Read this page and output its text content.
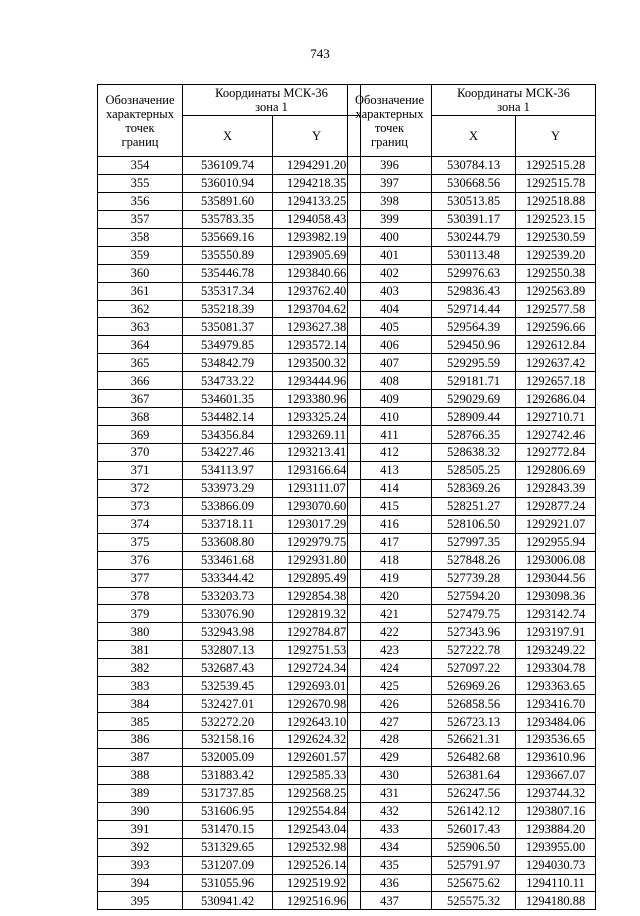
743
Обозначение
характерных
точек
границ	Координаты МСК-36
зона 1	

	X	Y
354	536109.74	1294291.20
355	536010.94	1294218.35
356	535891.60	1294133.25
357	535783.35	1294058.43
358	535669.16	1293982.19
359	535550.89	1293905.69
360	535446.78	1293840.66
361	535317.34	1293762.40
362	535218.39	1293704.62
363	535081.37	1293627.38
364	534979.85	1293572.14
365	534842.79	1293500.32
366	534733.22	1293444.96
367	534601.35	1293380.96
368	534482.14	1293325.24
369	534356.84	1293269.11
370	534227.46	1293213.41
371	534113.97	1293166.64
372	533973.29	1293111.07
373	533866.09	1293070.60
374	533718.11	1293017.29
375	533608.80	1292979.75
376	533461.68	1292931.80
377	533344.42	1292895.49
378	533203.73	1292854.38
379	533076.90	1292819.32
380	532943.98	1292784.87
381	532807.13	1292751.53
382	532687.43	1292724.34
383	532539.45	1292693.01
384	532427.01	1292670.98
385	532272.20	1292643.10
386	532158.16	1292624.32
387	532005.09	1292601.57
388	531883.42	1292585.33
389	531737.85	1292568.25
390	531606.95	1292554.84
391	531470.15	1292543.04
392	531329.65	1292532.98
393	531207.09	1292526.14
394	531055.96	1292519.92
395	530941.42	1292516.96
Обозначение
характерных
точек
границ	Координаты МСК-36
зона 1	

	X	Y
396	530784.13	1292515.28
397	530668.56	1292515.78
398	530513.85	1292518.88
399	530391.17	1292523.15
400	530244.79	1292530.59
401	530113.48	1292539.20
402	529976.63	1292550.38
403	529836.43	1292563.89
404	529714.44	1292577.58
405	529564.39	1292596.66
406	529450.96	1292612.84
407	529295.59	1292637.42
408	529181.71	1292657.18
409	529029.69	1292686.04
410	528909.44	1292710.71
411	528766.35	1292742.46
412	528638.32	1292772.84
413	528505.25	1292806.69
414	528369.26	1292843.39
415	528251.27	1292877.24
416	528106.50	1292921.07
417	527997.35	1292955.94
418	527848.26	1293006.08
419	527739.28	1293044.56
420	527594.20	1293098.36
421	527479.75	1293142.74
422	527343.96	1293197.91
423	527222.78	1293249.22
424	527097.22	1293304.78
425	526969.26	1293363.65
426	526858.56	1293416.70
427	526723.13	1293484.06
428	526621.31	1293536.65
429	526482.68	1293610.96
430	526381.64	1293667.07
431	526247.56	1293744.32
432	526142.12	1293807.16
433	526017.43	1293884.20
434	525906.50	1293955.00
435	525791.97	1294030.73
436	525675.62	1294110.11
437	525575.32	1294180.88
